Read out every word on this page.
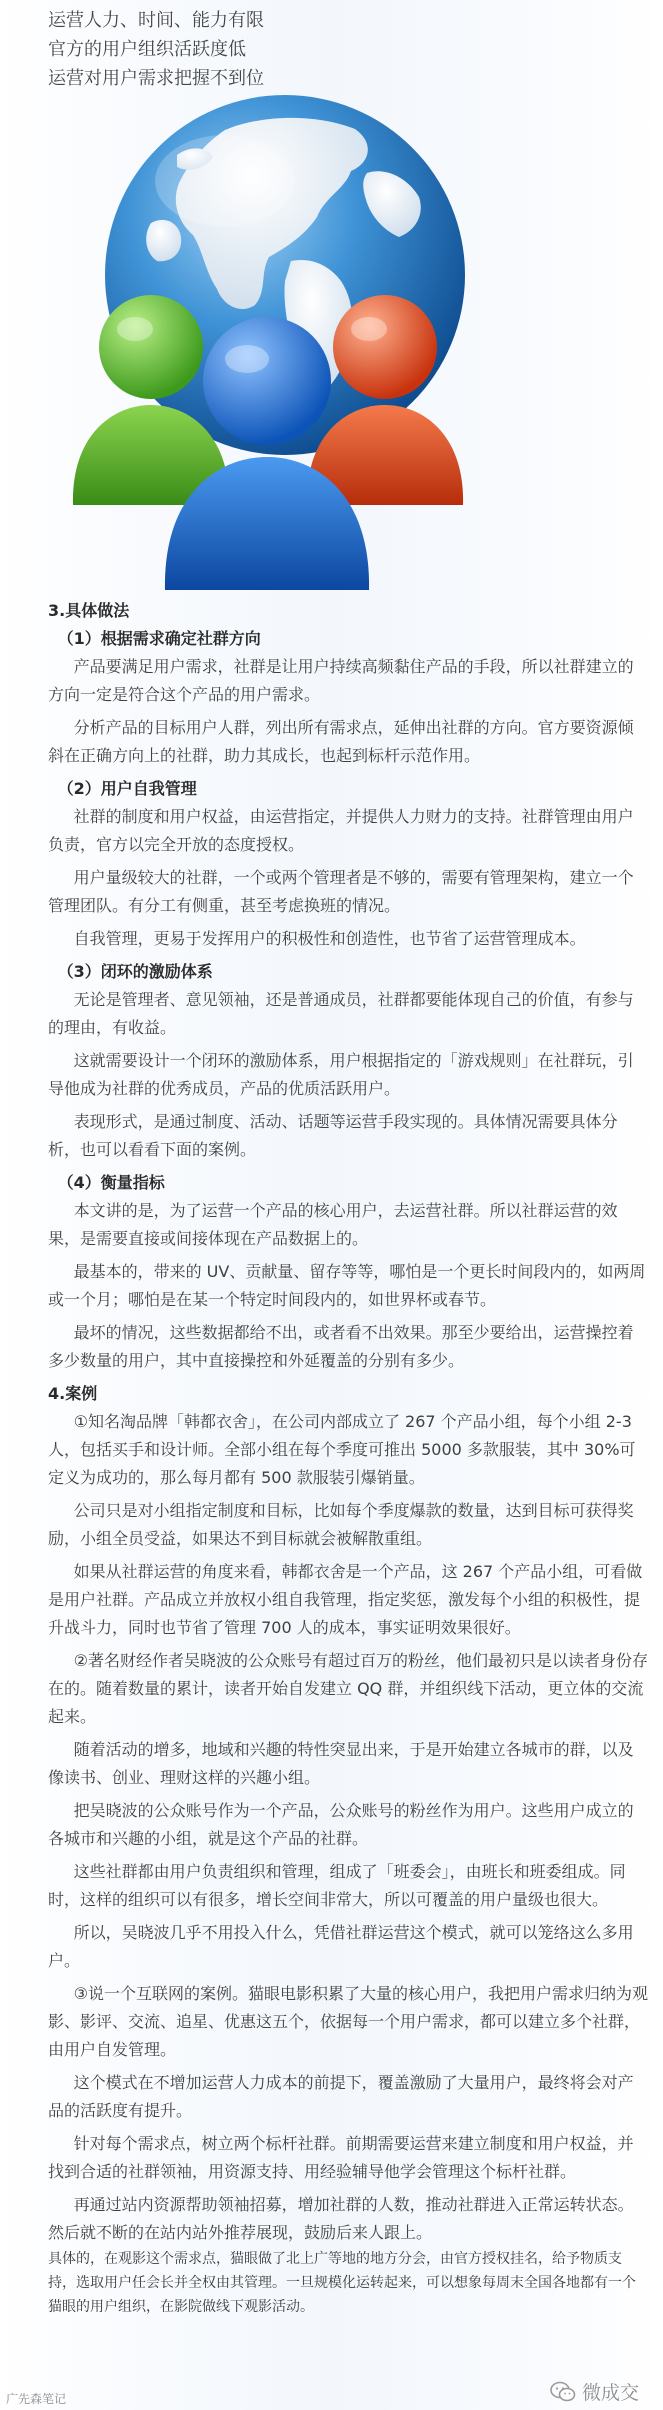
运营人力、时间、能力有限
官方的用户组织活跃度低
运营对用户需求把握不到位

3.具体做法

（1）根据需求确定社群方向

产品要满足用户需求，社群是让用户持续高频黏住产品的手段，所以社群建立的方向一定是符合这个产品的用户需求。

分析产品的目标用户人群，列出所有需求点，延伸出社群的方向。官方要资源倾斜在正确方向上的社群，助力其成长，也起到标杆示范作用。

（2）用户自我管理

社群的制度和用户权益，由运营指定，并提供人力财力的支持。社群管理由用户负责，官方以完全开放的态度授权。

用户量级较大的社群，一个或两个管理者是不够的，需要有管理架构，建立一个管理团队。有分工有侧重，甚至考虑换班的情况。

自我管理，更易于发挥用户的积极性和创造性，也节省了运营管理成本。

（3）闭环的激励体系

无论是管理者、意见领袖，还是普通成员，社群都要能体现自己的价值，有参与的理由，有收益。

这就需要设计一个闭环的激励体系，用户根据指定的「游戏规则」在社群玩，引导他成为社群的优秀成员，产品的优质活跃用户。

表现形式，是通过制度、活动、话题等运营手段实现的。具体情况需要具体分析，也可以看看下面的案例。

（4）衡量指标

本文讲的是，为了运营一个产品的核心用户，去运营社群。所以社群运营的效果，是需要直接或间接体现在产品数据上的。

最基本的，带来的 UV、贡献量、留存等等，哪怕是一个更长时间段内的，如两周或一个月；哪怕是在某一个特定时间段内的，如世界杯或春节。

最坏的情况，这些数据都给不出，或者看不出效果。那至少要给出，运营操控着多少数量的用户，其中直接操控和外延覆盖的分别有多少。

4.案例

①知名淘品牌「韩都衣舍」，在公司内部成立了 267 个产品小组，每个小组 2-3 人，包括买手和设计师。全部小组在每个季度可推出 5000 多款服装，其中 30%可定义为成功的，那么每月都有 500 款服装引爆销量。

公司只是对小组指定制度和目标，比如每个季度爆款的数量，达到目标可获得奖励，小组全员受益，如果达不到目标就会被解散重组。

如果从社群运营的角度来看，韩都衣舍是一个产品，这 267 个产品小组，可看做是用户社群。产品成立并放权小组自我管理，指定奖惩，激发每个小组的积极性，提升战斗力，同时也节省了管理 700 人的成本，事实证明效果很好。

②著名财经作者吴晓波的公众账号有超过百万的粉丝，他们最初只是以读者身份存在的。随着数量的累计，读者开始自发建立 QQ 群，并组织线下活动，更立体的交流起来。

随着活动的增多，地域和兴趣的特性突显出来，于是开始建立各城市的群，以及像读书、创业、理财这样的兴趣小组。

把吴晓波的公众账号作为一个产品，公众账号的粉丝作为用户。这些用户成立的各城市和兴趣的小组，就是这个产品的社群。

这些社群都由用户负责组织和管理，组成了「班委会」，由班长和班委组成。同时，这样的组织可以有很多，增长空间非常大，所以可覆盖的用户量级也很大。

所以，吴晓波几乎不用投入什么，凭借社群运营这个模式，就可以笼络这么多用户。

③说一个互联网的案例。猫眼电影积累了大量的核心用户，我把用户需求归纳为观影、影评、交流、追星、优惠这五个，依据每一个用户需求，都可以建立多个社群，由用户自发管理。

这个模式在不增加运营人力成本的前提下，覆盖激励了大量用户，最终将会对产品的活跃度有提升。

针对每个需求点，树立两个标杆社群。前期需要运营来建立制度和用户权益，并找到合适的社群领袖，用资源支持、用经验辅导他学会管理这个标杆社群。

再通过站内资源帮助领袖招募，增加社群的人数，推动社群进入正常运转状态。然后就不断的在站内站外推荐展现，鼓励后来人跟上。

具体的，在观影这个需求点，猫眼做了北上广等地的地方分会，由官方授权挂名，给予物质支持，选取用户任会长并全权由其管理。一旦规模化运转起来，可以想象每周末全国各地都有一个猫眼的用户组织，在影院做线下观影活动。

广先森笔记	微成交
